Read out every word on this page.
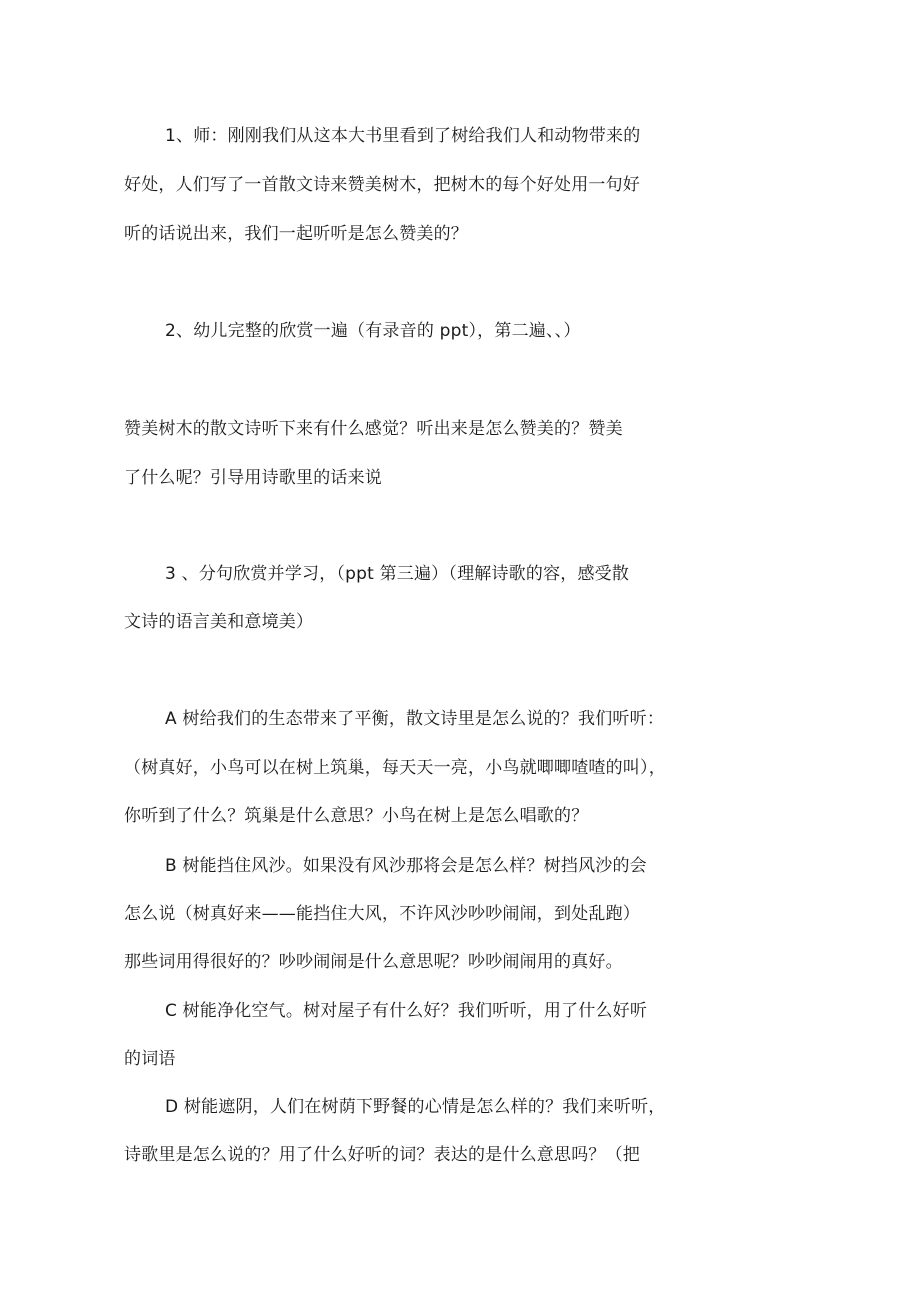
1、师：刚刚我们从这本大书里看到了树给我们人和动物带来的
好处，人们写了一首散文诗来赞美树木，把树木的每个好处用一句好
听的话说出来，我们一起听听是怎么赞美的？
2、幼儿完整的欣赏一遍（有录音的 ppt），第二遍、、）
赞美树木的散文诗听下来有什么感觉？听出来是怎么赞美的？赞美
了什么呢？引导用诗歌里的话来说
3 、分句欣赏并学习，（ppt 第三遍）（理解诗歌的容，感受散
文诗的语言美和意境美）
A 树给我们的生态带来了平衡，散文诗里是怎么说的？我们听听：
（树真好，小鸟可以在树上筑巢，每天天一亮，小鸟就唧唧喳喳的叫），
你听到了什么？筑巢是什么意思？小鸟在树上是怎么唱歌的？
B 树能挡住风沙。如果没有风沙那将会是怎么样？树挡风沙的会
怎么说（树真好来——能挡住大风，不许风沙吵吵闹闹，到处乱跑）
那些词用得很好的？吵吵闹闹是什么意思呢？吵吵闹闹用的真好。
C 树能净化空气。树对屋子有什么好？我们听听，用了什么好听
的词语
D 树能遮阴，人们在树荫下野餐的心情是怎么样的？我们来听听，
诗歌里是怎么说的？用了什么好听的词？表达的是什么意思吗？（把
